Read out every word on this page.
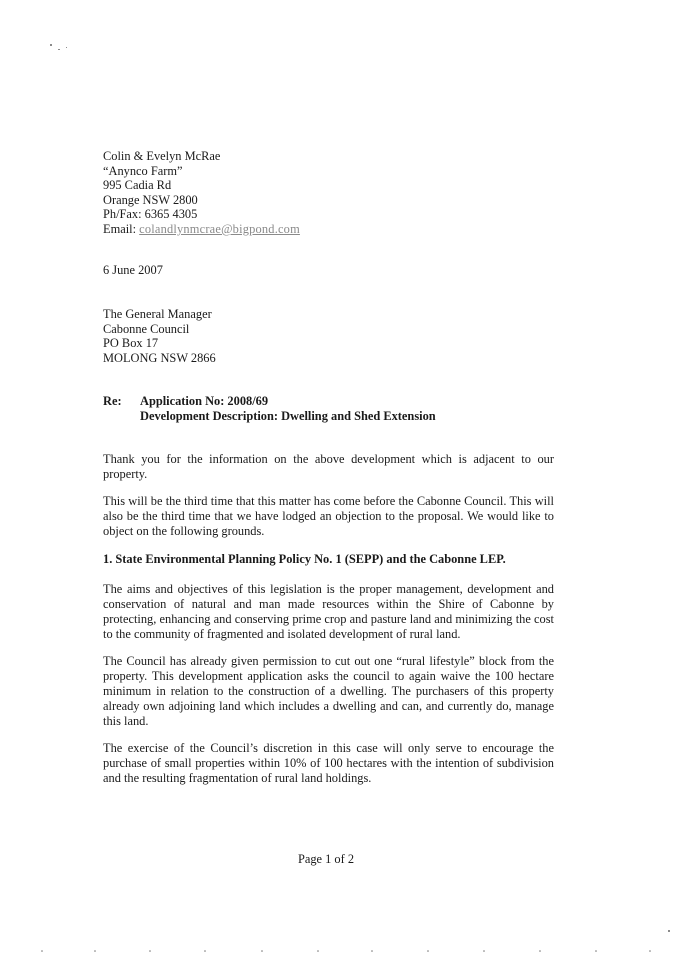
Colin & Evelyn McRae
“Anynco Farm”
995 Cadia Rd
Orange NSW 2800
Ph/Fax: 6365 4305
Email: colandlynmcrae@bigpond.com
6 June 2007
The General Manager
Cabonne Council
PO Box 17
MOLONG NSW 2866
Re: Application No: 2008/69
Development Description: Dwelling and Shed Extension
Thank you for the information on the above development which is adjacent to our property.
This will be the third time that this matter has come before the Cabonne Council. This will also be the third time that we have lodged an objection to the proposal. We would like to object on the following grounds.
1. State Environmental Planning Policy No. 1 (SEPP) and the Cabonne LEP.
The aims and objectives of this legislation is the proper management, development and conservation of natural and man made resources within the Shire of Cabonne by protecting, enhancing and conserving prime crop and pasture land and minimizing the cost to the community of fragmented and isolated development of rural land.
The Council has already given permission to cut out one “rural lifestyle” block from the property. This development application asks the council to again waive the 100 hectare minimum in relation to the construction of a dwelling. The purchasers of this property already own adjoining land which includes a dwelling and can, and currently do, manage this land.
The exercise of the Council’s discretion in this case will only serve to encourage the purchase of small properties within 10% of 100 hectares with the intention of subdivision and the resulting fragmentation of rural land holdings.
Page 1 of 2
